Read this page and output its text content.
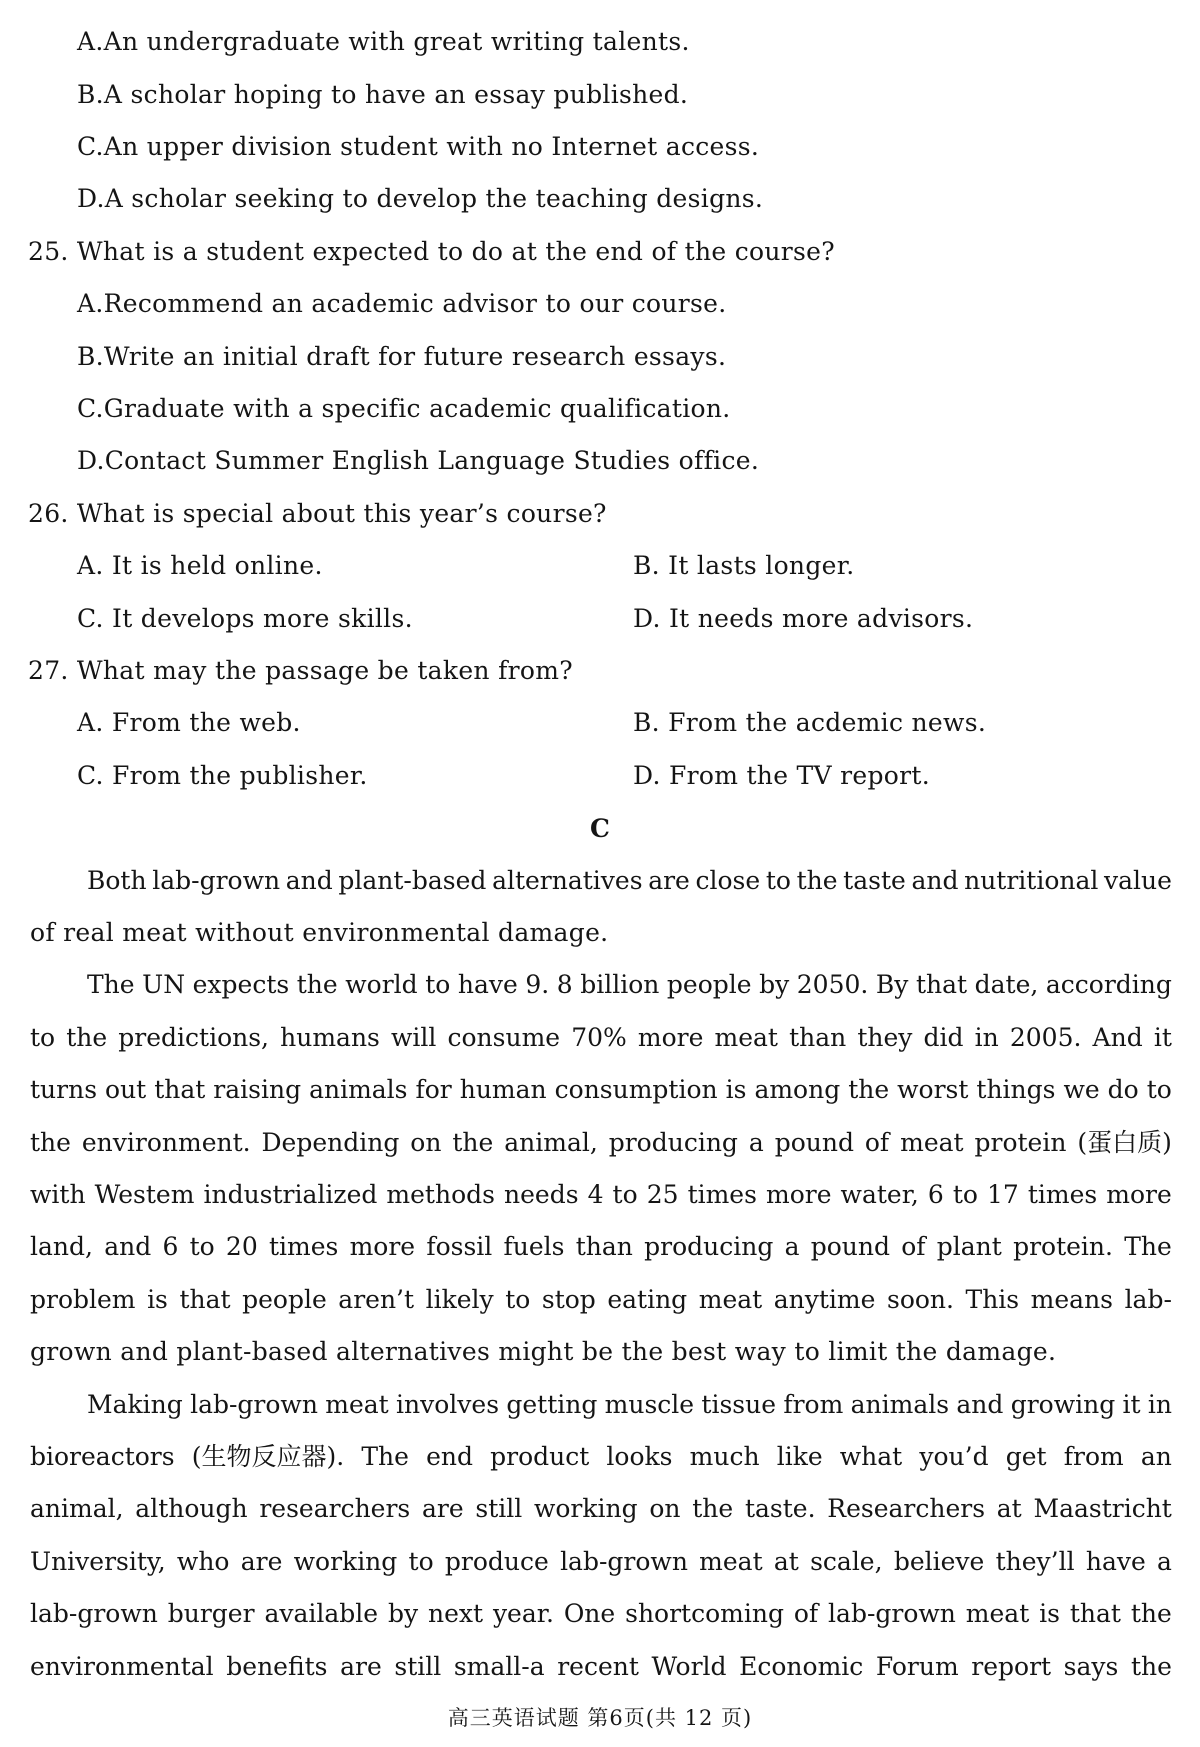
A.An undergraduate with great writing talents.
B.A scholar hoping to have an essay published.
C.An upper division student with no Internet access.
D.A scholar seeking to develop the teaching designs.
25. What is a student expected to do at the end of the course?
A.Recommend an academic advisor to our course.
B.Write an initial draft for future research essays.
C.Graduate with a specific academic qualification.
D.Contact Summer English Language Studies office.
26. What is special about this year’s course?
A. It is held online.	B. It lasts longer.
C. It develops more skills.	D. It needs more advisors.
27. What may the passage be taken from?
A. From the web.	B. From the acdemic news.
C. From the publisher.	D. From the TV report.
C
Both lab-grown and plant-based alternatives are close to the taste and nutritional value
of real meat without environmental damage.
The UN expects the world to have 9. 8 billion people by 2050. By that date, according
to the predictions, humans will consume 70% more meat than they did in 2005. And it
turns out that raising animals for human consumption is among the worst things we do to
the environment. Depending on the animal, producing a pound of meat protein (蛋白质)
with Westem industrialized methods needs 4 to 25 times more water, 6 to 17 times more
land, and 6 to 20 times more fossil fuels than producing a pound of plant protein. The
problem is that people aren’t likely to stop eating meat anytime soon. This means lab-
grown and plant-based alternatives might be the best way to limit the damage.
Making lab-grown meat involves getting muscle tissue from animals and growing it in
bioreactors (生物反应器). The end product looks much like what you’d get from an
animal, although researchers are still working on the taste. Researchers at Maastricht
University, who are working to produce lab-grown meat at scale, believe they’ll have a
lab-grown burger available by next year. One shortcoming of lab-grown meat is that the
environmental benefits are still small-a recent World Economic Forum report says the
高三英语试题 第6页(共 12 页)
